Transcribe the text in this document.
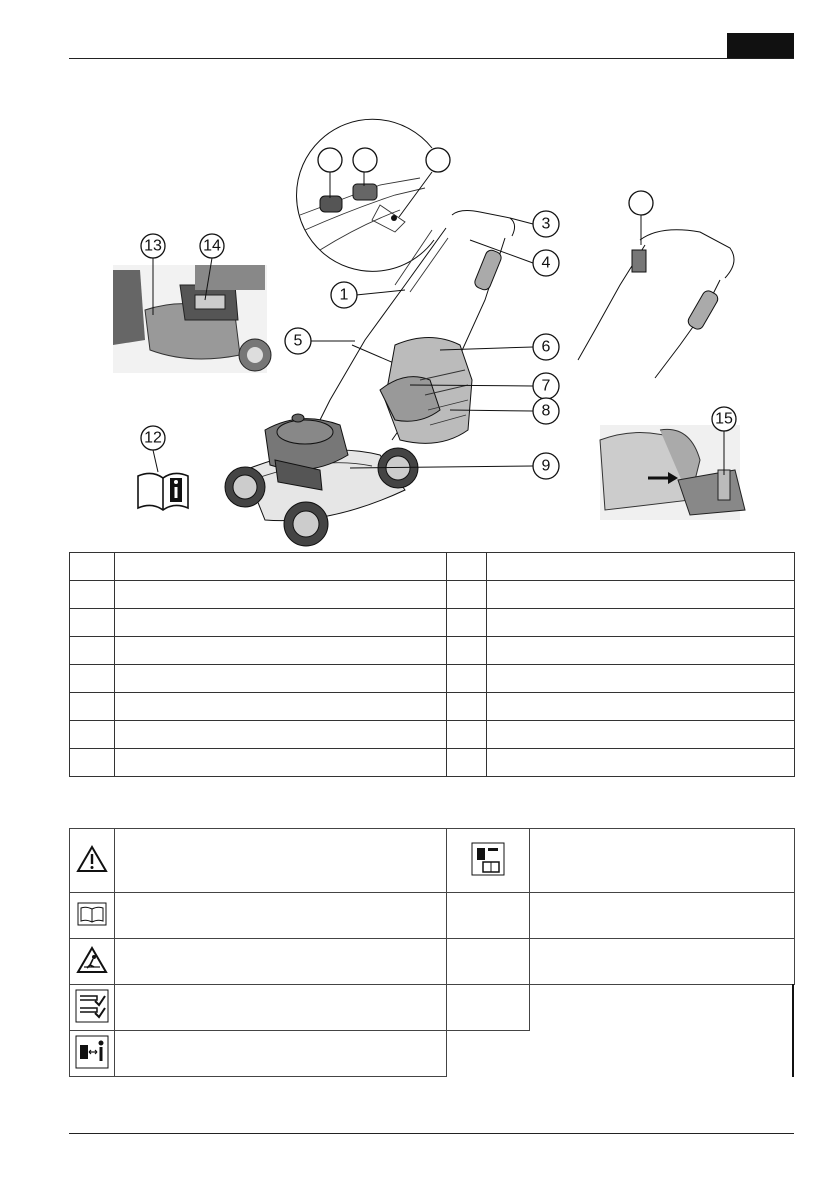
3
4
1
5	6
7
8
9
13	14
12
15
